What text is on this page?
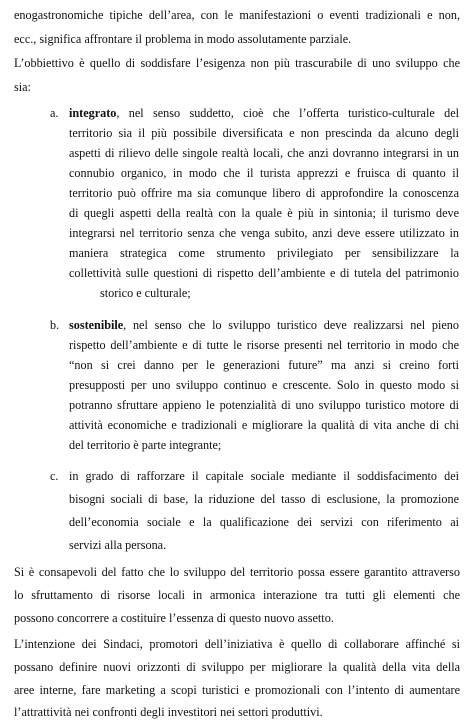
enogastronomiche tipiche dell’area, con le manifestazioni o eventi tradizionali e non,
ecc., significa affrontare il problema in modo assolutamente parziale.
L’obbiettivo è quello di soddisfare l’esigenza non più trascurabile di uno sviluppo che
sia:
a. integrato, nel senso suddetto, cioè che l’offerta turistico-culturale del
territorio sia il più possibile diversificata e non prescinda da alcuno degli
aspetti di rilievo delle singole realtà locali, che anzi dovranno integrarsi in un
connubio organico, in modo che il turista apprezzi e fruisca di quanto il
territorio può offrire ma sia comunque libero di approfondire la conoscenza
di quegli aspetti della realtà con la quale è più in sintonia; il turismo deve
integrarsi nel territorio senza che venga subito, anzi deve essere utilizzato in
maniera strategica come strumento privilegiato per sensibilizzare la
collettività sulle questioni di rispetto dell’ambiente e di tutela del patrimonio
storico e culturale;
b. sostenibile, nel senso che lo sviluppo turistico deve realizzarsi nel pieno
rispetto dell’ambiente e di tutte le risorse presenti nel territorio in modo che
“non si crei danno per le generazioni future” ma anzi si creino forti
presupposti per uno sviluppo continuo e crescente. Solo in questo modo si
potranno sfruttare appieno le potenzialità di uno sviluppo turistico motore di
attività economiche e tradizionali e migliorare la qualità di vita anche di chi
del territorio è parte integrante;
c. in grado di rafforzare il capitale sociale mediante il soddisfacimento dei
bisogni sociali di base, la riduzione del tasso di esclusione, la promozione
dell’economia sociale e la qualificazione dei servizi con riferimento ai
servizi alla persona.
Si è consapevoli del fatto che lo sviluppo del territorio possa essere garantito attraverso
lo sfruttamento di risorse locali in armonica interazione tra tutti gli elementi che
possono concorrere a costituire l’essenza di questo nuovo assetto.
L’intenzione dei Sindaci, promotori dell’iniziativa è quello di collaborare affinché si
possano definire nuovi orizzonti di sviluppo per migliorare la qualità della vita della
aree interne, fare marketing a scopi turistici e promozionali con l’intento di aumentare
l’attrattività nei confronti degli investitori nei settori produttivi.
